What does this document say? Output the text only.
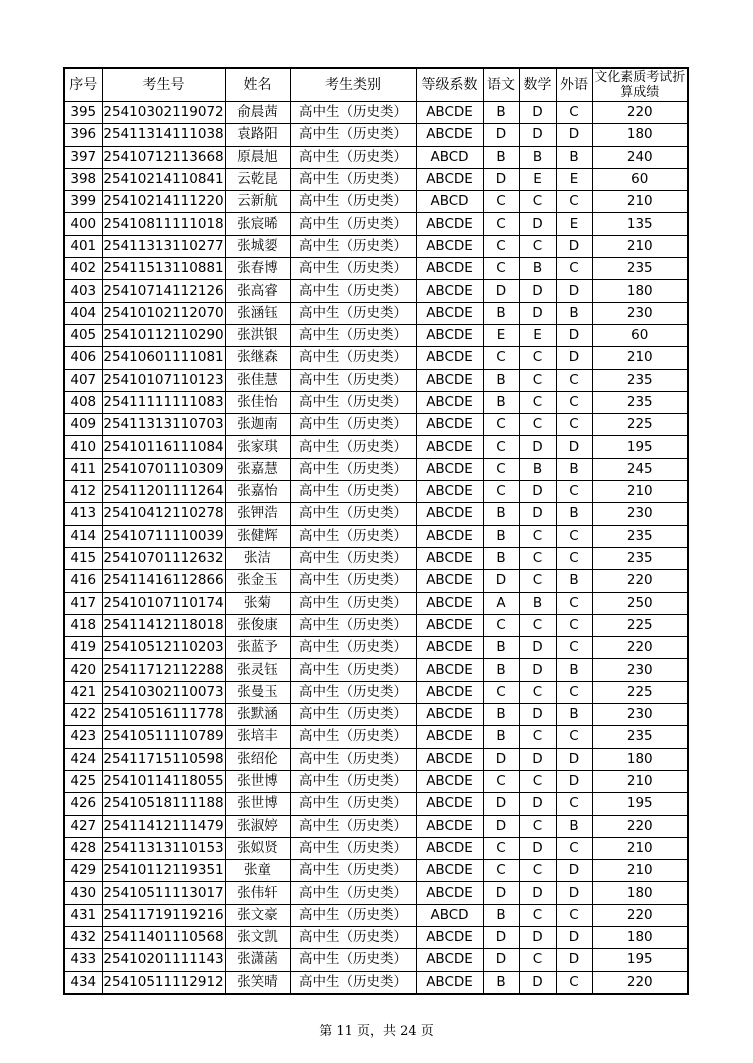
序号	考生号	姓名	考生类别	等级系数	语文	数学	外语	文化素质考试折算成绩
395	25410302119072	俞晨茜	高中生（历史类）	ABCDE	B	D	C	220
396	25411314111038	袁路阳	高中生（历史类）	ABCDE	D	D	D	180
397	25410712113668	原晨旭	高中生（历史类）	ABCD	B	B	B	240
398	25410214110841	云乾昆	高中生（历史类）	ABCDE	D	E	E	60
399	25410214111220	云新航	高中生（历史类）	ABCD	C	C	C	210
400	25410811111018	张宸晞	高中生（历史类）	ABCDE	C	D	E	135
401	25411313110277	张城媭	高中生（历史类）	ABCDE	C	C	D	210
402	25411513110881	张春博	高中生（历史类）	ABCDE	C	B	C	235
403	25410714112126	张高睿	高中生（历史类）	ABCDE	D	D	D	180
404	25410102112070	张涵钰	高中生（历史类）	ABCDE	B	D	B	230
405	25410112110290	张洪银	高中生（历史类）	ABCDE	E	E	D	60
406	25410601111081	张继森	高中生（历史类）	ABCDE	C	C	D	210
407	25410107110123	张佳慧	高中生（历史类）	ABCDE	B	C	C	235
408	25411111111083	张佳怡	高中生（历史类）	ABCDE	B	C	C	235
409	25411313110703	张迦南	高中生（历史类）	ABCDE	C	C	C	225
410	25410116111084	张家琪	高中生（历史类）	ABCDE	C	D	D	195
411	25410701110309	张嘉慧	高中生（历史类）	ABCDE	C	B	B	245
412	25411201111264	张嘉怡	高中生（历史类）	ABCDE	C	D	C	210
413	25410412110278	张钾浩	高中生（历史类）	ABCDE	B	D	B	230
414	25410711110039	张健辉	高中生（历史类）	ABCDE	B	C	C	235
415	25410701112632	张洁	高中生（历史类）	ABCDE	B	C	C	235
416	25411416112866	张金玉	高中生（历史类）	ABCDE	D	C	B	220
417	25410107110174	张菊	高中生（历史类）	ABCDE	A	B	C	250
418	25411412118018	张俊康	高中生（历史类）	ABCDE	C	C	C	225
419	25410512110203	张蓝予	高中生（历史类）	ABCDE	B	D	C	220
420	25411712112288	张灵钰	高中生（历史类）	ABCDE	B	D	B	230
421	25410302110073	张曼玉	高中生（历史类）	ABCDE	C	C	C	225
422	25410516111778	张默涵	高中生（历史类）	ABCDE	B	D	B	230
423	25410511110789	张培丰	高中生（历史类）	ABCDE	B	C	C	235
424	25411715110598	张绍伦	高中生（历史类）	ABCDE	D	D	D	180
425	25410114118055	张世博	高中生（历史类）	ABCDE	C	C	D	210
426	25410518111188	张世博	高中生（历史类）	ABCDE	D	D	C	195
427	25411412111479	张淑婷	高中生（历史类）	ABCDE	D	C	B	220
428	25411313110153	张姒贤	高中生（历史类）	ABCDE	C	D	C	210
429	25410112119351	张童	高中生（历史类）	ABCDE	C	C	D	210
430	25410511113017	张伟轩	高中生（历史类）	ABCDE	D	D	D	180
431	25411719119216	张文豪	高中生（历史类）	ABCD	B	C	C	220
432	25411401110568	张文凯	高中生（历史类）	ABCDE	D	D	D	180
433	25410201111143	张潇菡	高中生（历史类）	ABCDE	D	C	D	195
434	25410511112912	张笑晴	高中生（历史类）	ABCDE	B	D	C	220
第 11 页，共 24 页
